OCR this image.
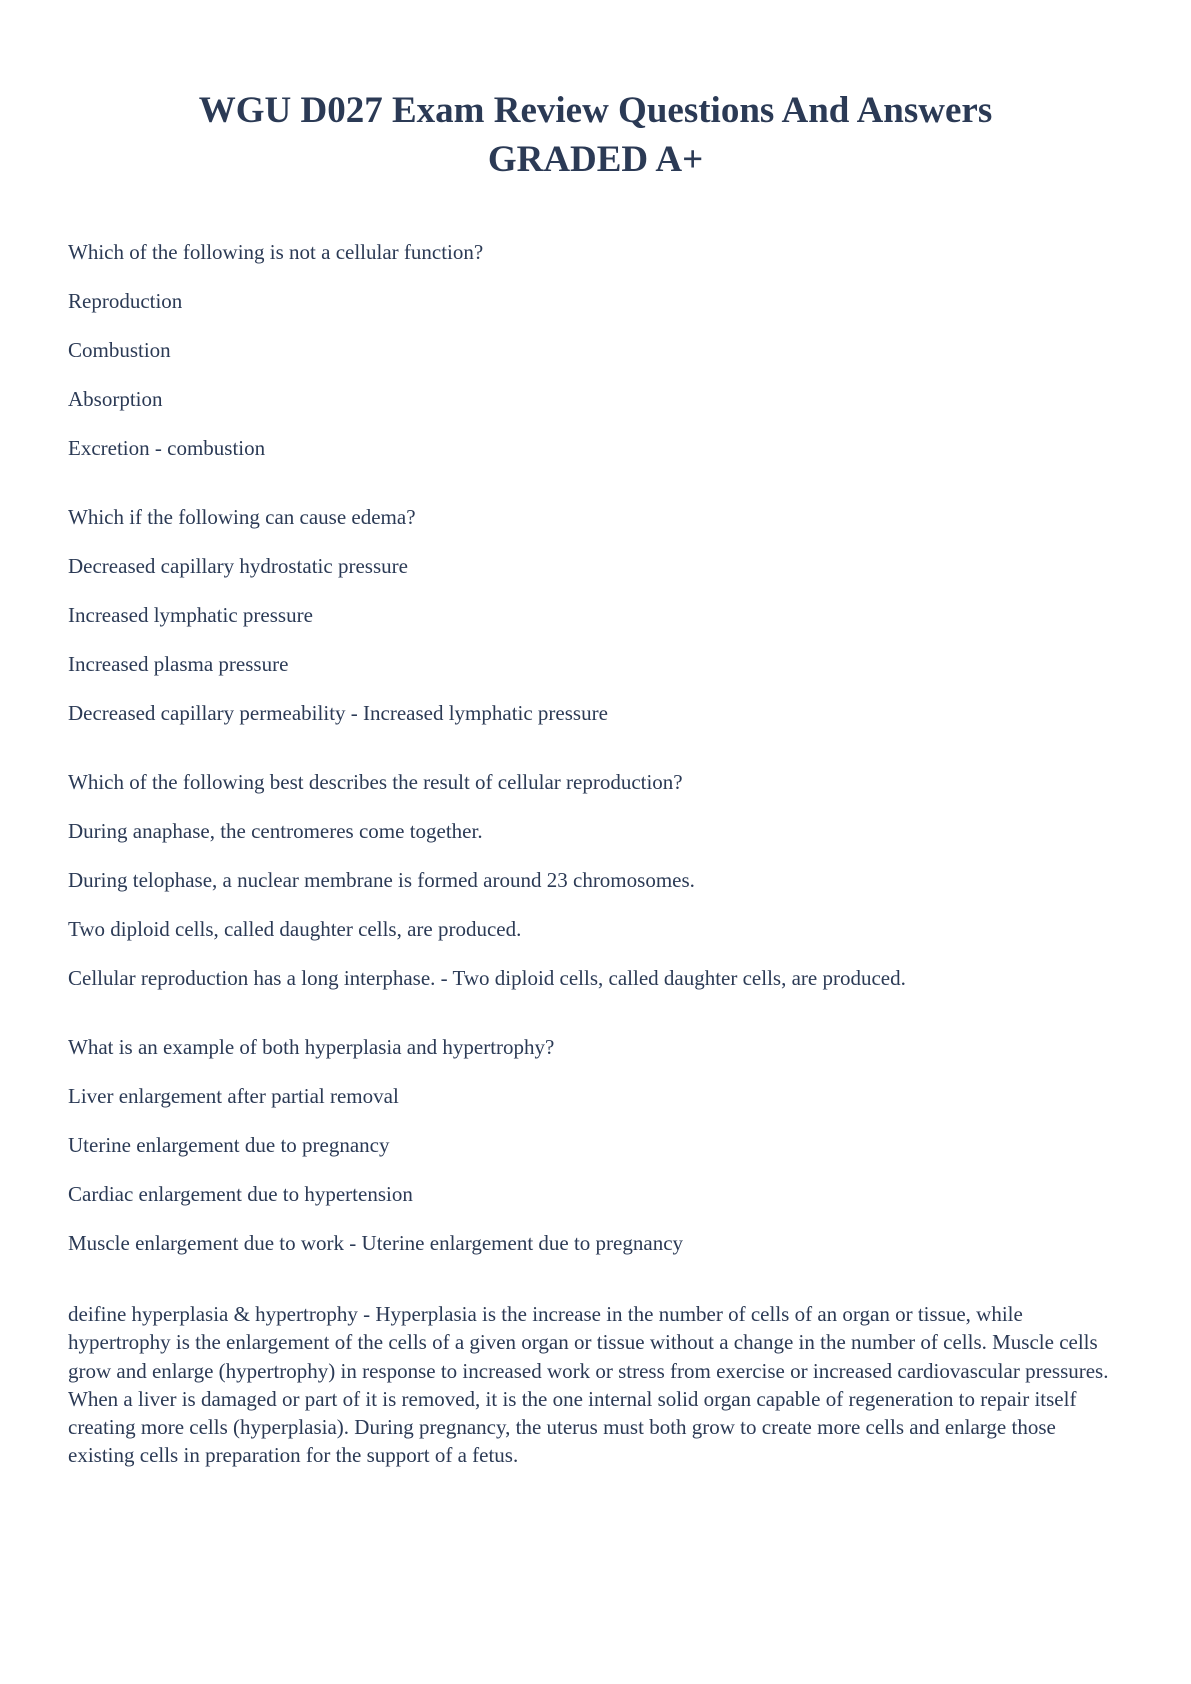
WGU D027 Exam Review Questions And Answers
GRADED A+

Which of the following is not a cellular function?

Reproduction

Combustion

Absorption

Excretion - combustion

Which if the following can cause edema?

Decreased capillary hydrostatic pressure

Increased lymphatic pressure

Increased plasma pressure

Decreased capillary permeability - Increased lymphatic pressure

Which of the following best describes the result of cellular reproduction?

During anaphase, the centromeres come together.

During telophase, a nuclear membrane is formed around 23 chromosomes.

Two diploid cells, called daughter cells, are produced.

Cellular reproduction has a long interphase. - Two diploid cells, called daughter cells, are produced.

What is an example of both hyperplasia and hypertrophy?

Liver enlargement after partial removal

Uterine enlargement due to pregnancy

Cardiac enlargement due to hypertension

Muscle enlargement due to work - Uterine enlargement due to pregnancy

deifine hyperplasia & hypertrophy - Hyperplasia is the increase in the number of cells of an organ or tissue, while hypertrophy is the enlargement of the cells of a given organ or tissue without a change in the number of cells. Muscle cells grow and enlarge (hypertrophy) in response to increased work or stress from exercise or increased cardiovascular pressures. When a liver is damaged or part of it is removed, it is the one internal solid organ capable of regeneration to repair itself creating more cells (hyperplasia). During pregnancy, the uterus must both grow to create more cells and enlarge those existing cells in preparation for the support of a fetus.
